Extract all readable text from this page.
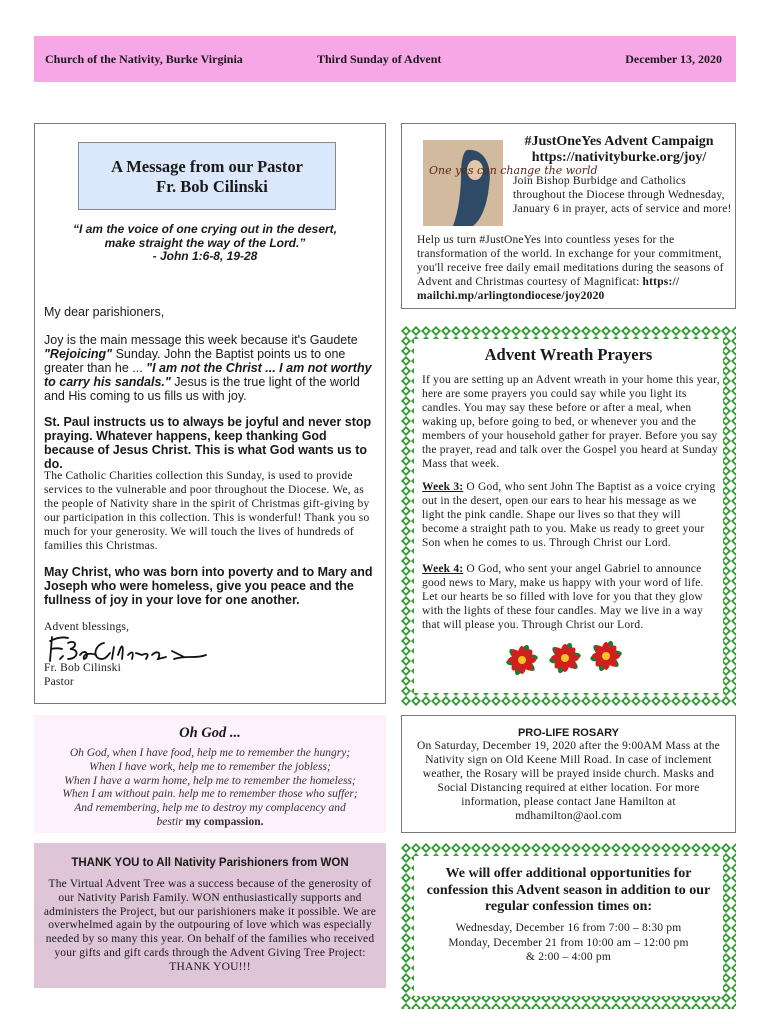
Church of the Nativity, Burke Virginia	Third Sunday of Advent	December 13, 2020
A Message from our Pastor
Fr. Bob Cilinski
“I am the voice of one crying out in the desert,
make straight the way of the Lord.”
- John 1:6-8, 19-28
My dear parishioners,
Joy is the main message this week because it's Gaudete "Rejoicing" Sunday. John the Baptist points us to one greater than he ... "I am not the Christ ... I am not worthy to carry his sandals." Jesus is the true light of the world and His coming to us fills us with joy.
St. Paul instructs us to always be joyful and never stop praying. Whatever happens, keep thanking God because of Jesus Christ. This is what God wants us to do.
The Catholic Charities collection this Sunday, is used to provide services to the vulnerable and poor throughout the Diocese. We, as the people of Nativity share in the spirit of Christmas gift-giving by our participation in this collection. This is wonderful! Thank you so much for your generosity. We will touch the lives of hundreds of families this Christmas.
May Christ, who was born into poverty and to Mary and Joseph who were homeless, give you peace and the fullness of joy in your love for one another.
Advent blessings,
Fr. Bob Cilinski
Pastor
Oh God ...
Oh God, when I have food, help me to remember the hungry;
When I have work, help me to remember the jobless;
When I have a warm home, help me to remember the homeless;
When I am without pain. help me to remember those who suffer;
And remembering, help me to destroy my complacency and
bestir my compassion.
THANK YOU to All Nativity Parishioners from WON
The Virtual Advent Tree was a success because of the generosity of our Nativity Parish Family. WON enthusiastically supports and administers the Project, but our parishioners make it possible. We are overwhelmed again by the outpouring of love which was especially needed by so many this year. On behalf of the families who received your gifts and gift cards through the Advent Giving Tree Project: THANK YOU!!!
One yes can change the world
#JustOneYes Advent Campaign
https://nativityburke.org/joy/
Join Bishop Burbidge and Catholics throughout the Diocese through Wednesday, January 6 in prayer, acts of service and more!
Help us turn #JustOneYes into countless yeses for the transformation of the world. In exchange for your commitment, you'll receive free daily email meditations during the seasons of Advent and Christmas courtesy of Magnificat: https:// mailchi.mp/arlingtondiocese/joy2020
Advent Wreath Prayers
If you are setting up an Advent wreath in your home this year, here are some prayers you could say while you light its candles. You may say these before or after a meal, when waking up, before going to bed, or whenever you and the members of your household gather for prayer. Before you say the prayer, read and talk over the Gospel you heard at Sunday Mass that week.
Week 3: O God, who sent John The Baptist as a voice crying out in the desert, open our ears to hear his message as we light the pink candle. Shape our lives so that they will become a straight path to you. Make us ready to greet your Son when he comes to us. Through Christ our Lord.
Week 4: O God, who sent your angel Gabriel to announce good news to Mary, make us happy with your word of life. Let our hearts be so filled with love for you that they glow with the lights of these four candles. May we live in a way that will please you. Through Christ our Lord.
PRO-LIFE ROSARY
On Saturday, December 19, 2020 after the 9:00AM Mass at the Nativity sign on Old Keene Mill Road. In case of inclement weather, the Rosary will be prayed inside church. Masks and Social Distancing required at either location. For more information, please contact Jane Hamilton at mdhamilton@aol.com
We will offer additional opportunities for confession this Advent season in addition to our regular confession times on:
Wednesday, December 16 from 7:00 – 8:30 pm
Monday, December 21 from 10:00 am – 12:00 pm
& 2:00 – 4:00 pm
